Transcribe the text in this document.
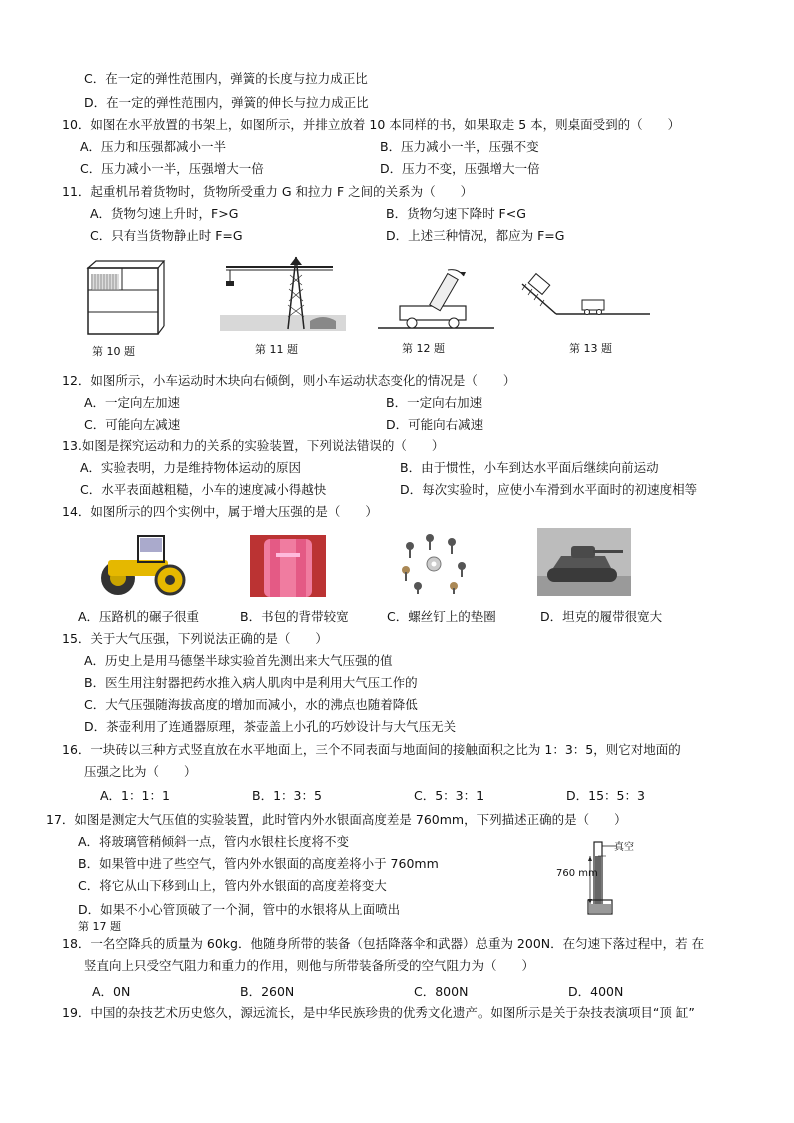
C．在一定的弹性范围内，弹簧的长度与拉力成正比
D．在一定的弹性范围内，弹簧的伸长与拉力成正比
10．如图在水平放置的书架上，如图所示，并排立放着 10 本同样的书，如果取走 5 本，则桌面受到的（　　）
A．压力和压强都减小一半	B．压力减小一半，压强不变
C．压力减小一半，压强增大一倍	D．压力不变，压强增大一倍
11．起重机吊着货物时，货物所受重力 G 和拉力 F 之间的关系为（　　）
A．货物匀速上升时，F>G	B．货物匀速下降时 F<G
C．只有当货物静止时 F=G	D．上述三种情况，都应为 F=G
第 10 题	第 11 题	第 12 题	第 13 题
12．如图所示，小车运动时木块向右倾倒，则小车运动状态变化的情况是（　　）
A．一定向左加速	B．一定向右加速
C．可能向左减速	D．可能向右减速
13.如图是探究运动和力的关系的实验装置，下列说法错误的（　　）
A．实验表明，力是维持物体运动的原因	B．由于惯性，小车到达水平面后继续向前运动
C．水平表面越粗糙，小车的速度减小得越快	D．每次实验时，应使小车滑到水平面时的初速度相等
14．如图所示的四个实例中，属于增大压强的是（　　）
A．压路机的碾子很重	B．书包的背带较宽	C．螺丝钉上的垫圈	D．坦克的履带很宽大
15．关于大气压强，下列说法正确的是（　　）
A．历史上是用马德堡半球实验首先测出来大气压强的值
B．医生用注射器把药水推入病人肌肉中是利用大气压工作的
C．大气压强随海拔高度的增加而减小，水的沸点也随着降低
D．茶壶利用了连通器原理，茶壶盖上小孔的巧妙设计与大气压无关
16．一块砖以三种方式竖直放在水平地面上，三个不同表面与地面间的接触面积之比为 1：3：5，则它对地面的
压强之比为（　　）
A．1：1：1	B．1：3：5	C．5：3：1	D．15：5：3
17．如图是测定大气压值的实验装置，此时管内外水银面高度差是 760mm，下列描述正确的是（　　）
A．将玻璃管稍倾斜一点，管内水银柱长度将不变
B．如果管中进了些空气，管内外水银面的高度差将小于 760mm
C．将它从山下移到山上，管内外水银面的高度差将变大
D．如果不小心管顶破了一个洞，管中的水银将从上面喷出
第 17 题
真空
760 mm
18．一名空降兵的质量为 60kg．他随身所带的装备（包括降落伞和武器）总重为 200N．在匀速下落过程中，若 在
竖直向上只受空气阻力和重力的作用，则他与所带装备所受的空气阻力为（　　）
A．0N	B．260N	C．800N	D．400N
19．中国的杂技艺术历史悠久，源远流长，是中华民族珍贵的优秀文化遗产。如图所示是关于杂技表演项目“顶 缸”
